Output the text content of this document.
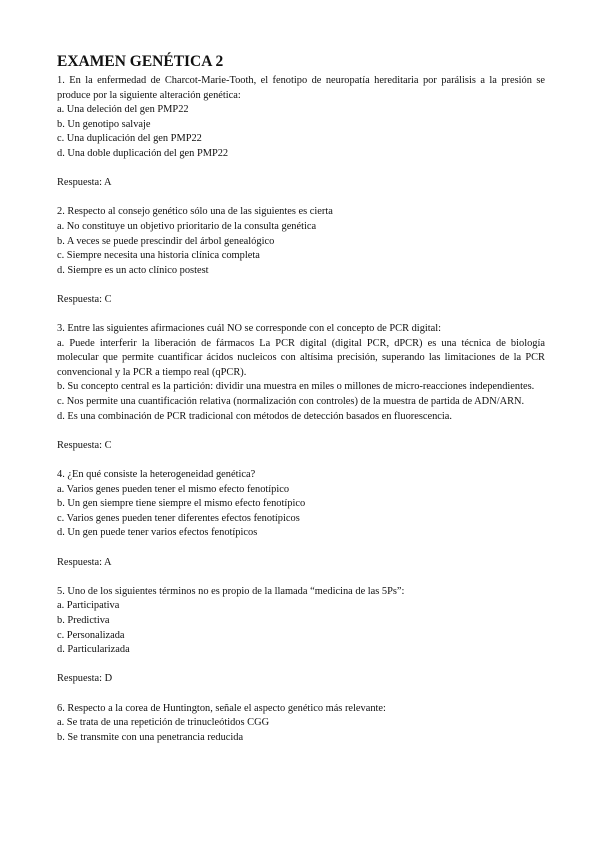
EXAMEN GENÉTICA 2
1. En la enfermedad de Charcot-Marie-Tooth, el fenotipo de neuropatía hereditaria por parálisis a la presión se produce por la siguiente alteración genética:
a. Una deleción del gen PMP22
b. Un genotipo salvaje
c. Una duplicación del gen PMP22
d. Una doble duplicación del gen PMP22
Respuesta: A
2. Respecto al consejo genético sólo una de las siguientes es cierta
a. No constituye un objetivo prioritario de la consulta genética
b. A veces se puede prescindir del árbol genealógico
c. Siempre necesita una historia clínica completa
d. Siempre es un acto clínico postest
Respuesta: C
3. Entre las siguientes afirmaciones cuál NO se corresponde con el concepto de PCR digital:
a. Puede interferir la liberación de fármacos La PCR digital (digital PCR, dPCR) es una técnica de biología molecular que permite cuantificar ácidos nucleicos con altísima precisión, superando las limitaciones de la PCR convencional y la PCR a tiempo real (qPCR).
b. Su concepto central es la partición: dividir una muestra en miles o millones de micro-reacciones independientes.
c. Nos permite una cuantificación relativa (normalización con controles) de la muestra de partida de ADN/ARN.
d. Es una combinación de PCR tradicional con métodos de detección basados en fluorescencia.
Respuesta: C
4. ¿En qué consiste la heterogeneidad genética?
a. Varios genes pueden tener el mismo efecto fenotípico
b. Un gen siempre tiene siempre el mismo efecto fenotípico
c. Varios genes pueden tener diferentes efectos fenotípicos
d. Un gen puede tener varios efectos fenotípicos
Respuesta: A
5. Uno de los siguientes términos no es propio de la llamada “medicina de las 5Ps”:
a. Participativa
b. Predictiva
c. Personalizada
d. Particularizada
Respuesta: D
6. Respecto a la corea de Huntington, señale el aspecto genético más relevante:
a. Se trata de una repetición de trinucleótidos CGG
b. Se transmite con una penetrancia reducida
